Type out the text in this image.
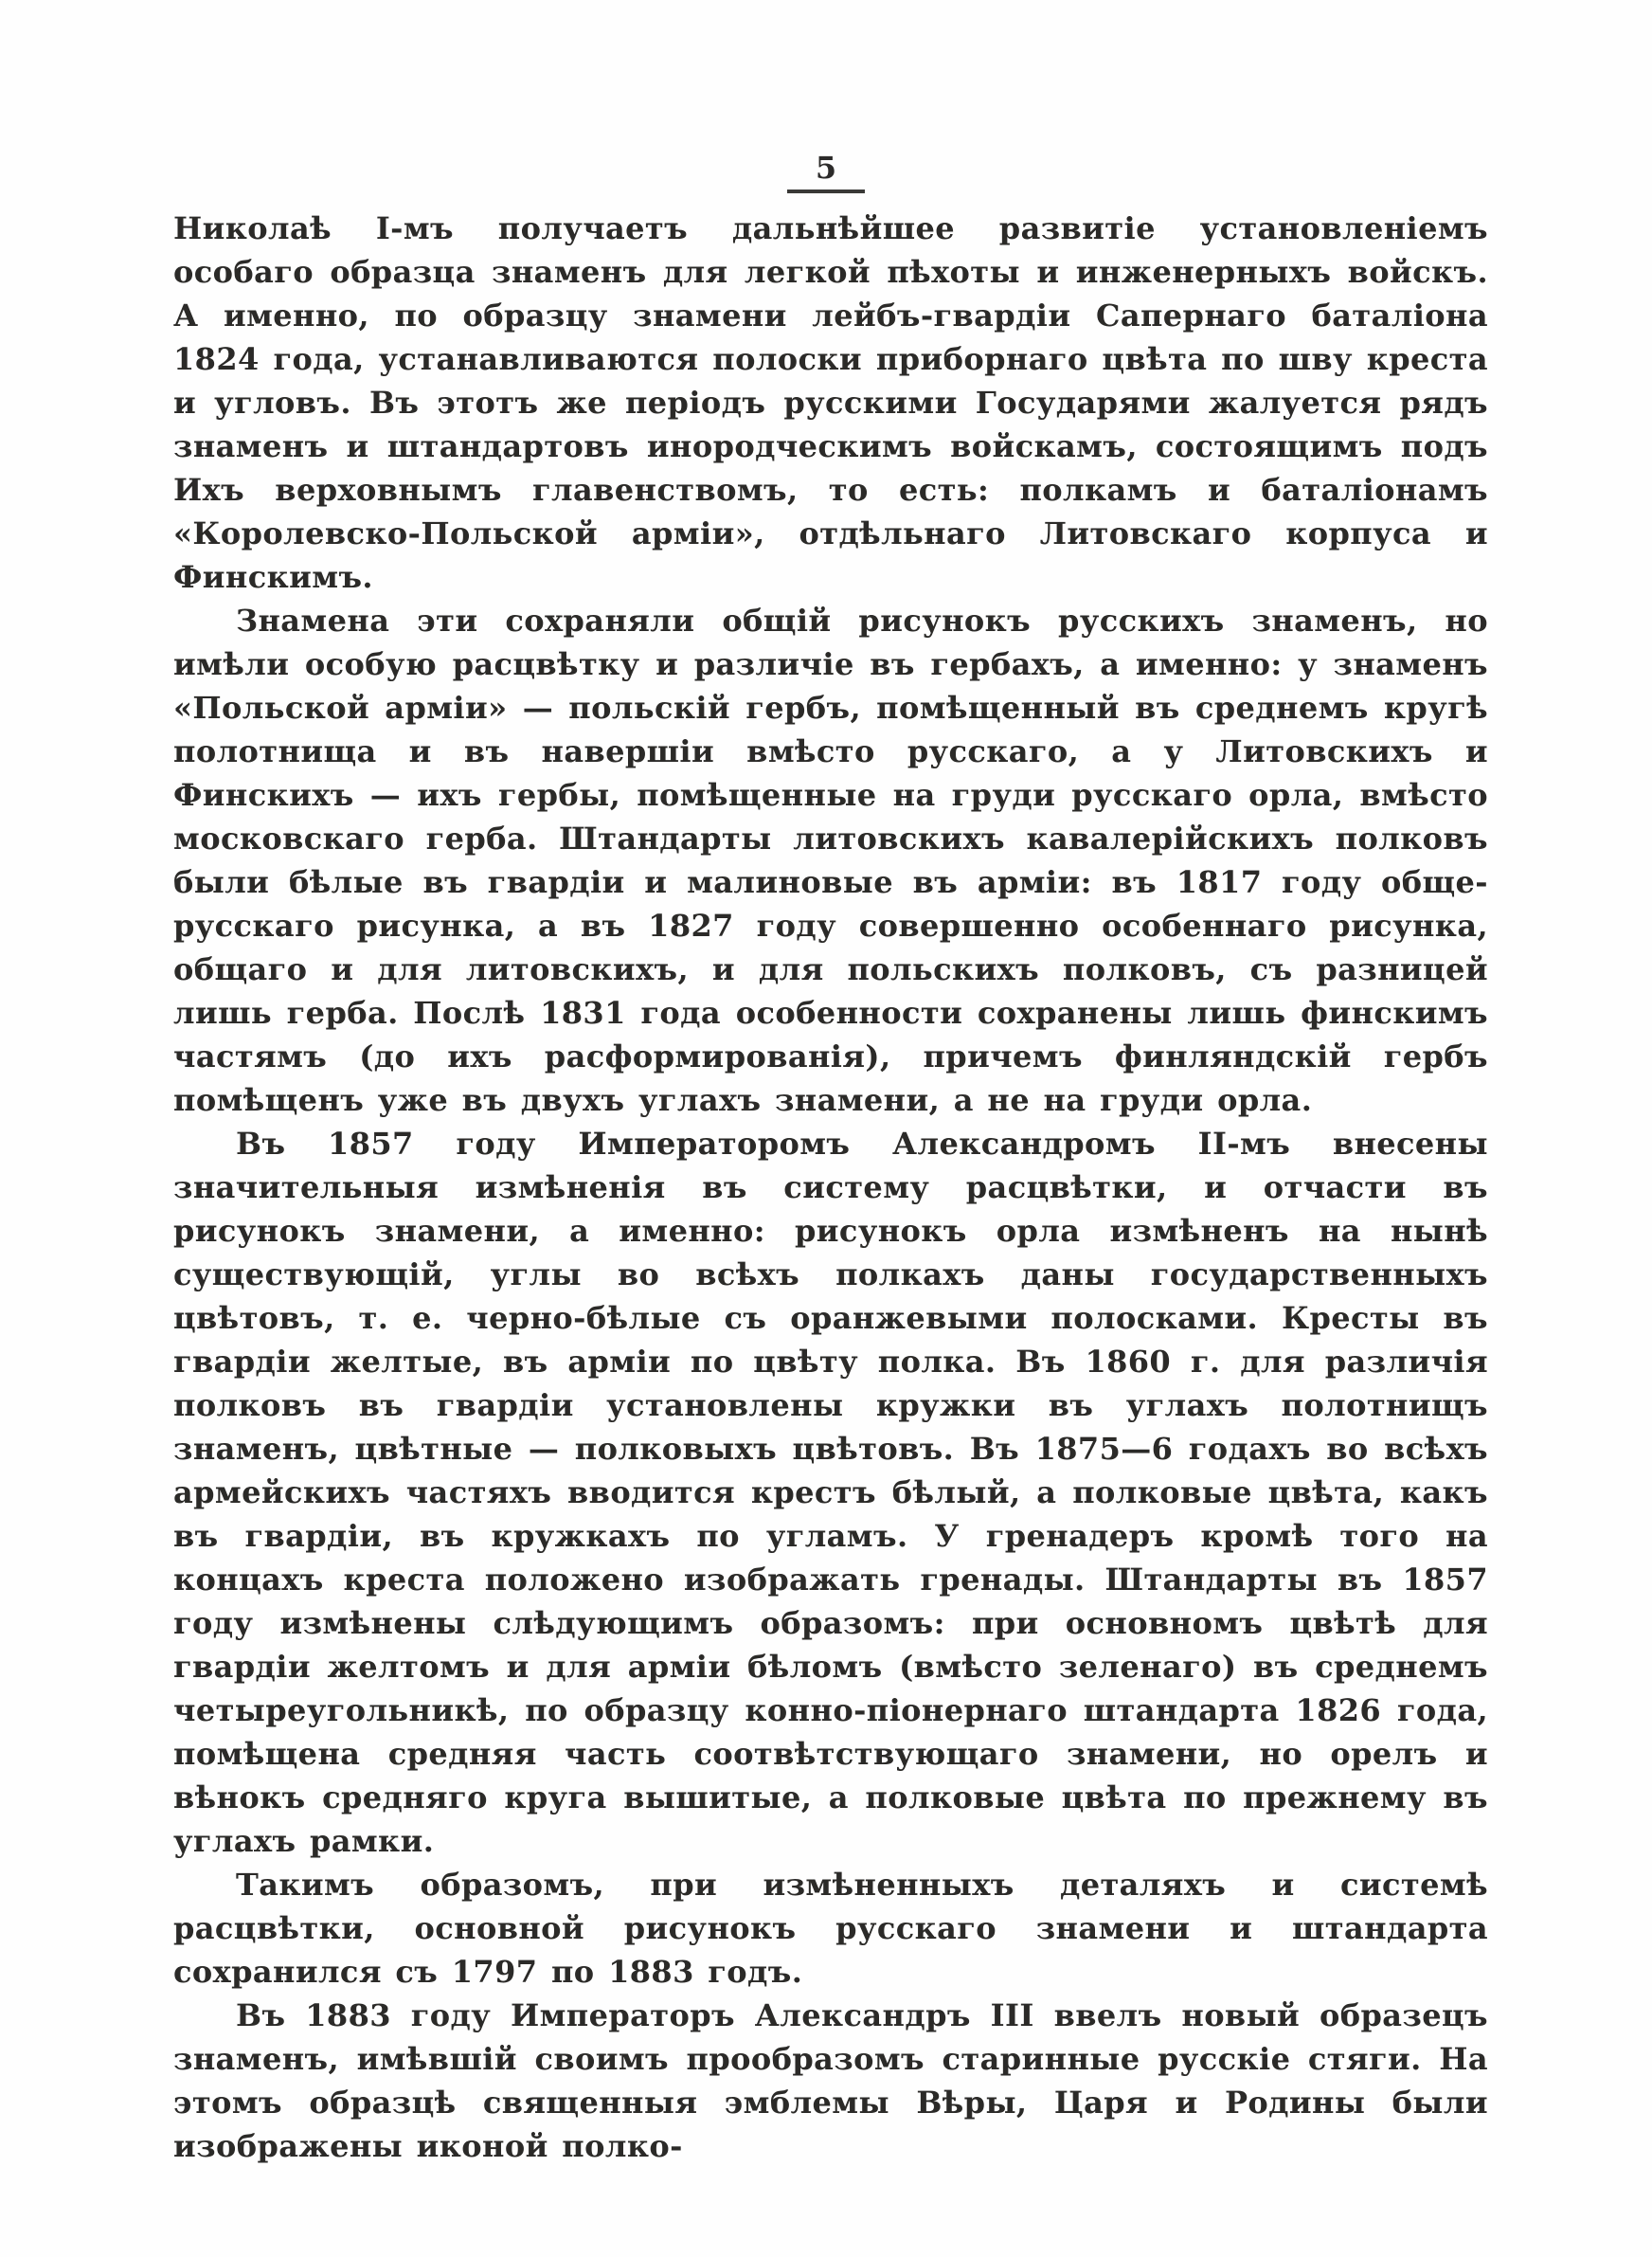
5

Николаѣ I-мъ получаетъ дальнѣйшее развитіе установленіемъ особаго образца знаменъ для легкой пѣхоты и инженерныхъ войскъ. А именно, по образцу знамени лейбъ-гвардіи Сапернаго баталіона 1824 года, устанавливаются полоски приборнаго цвѣта по шву креста и угловъ. Въ этотъ же періодъ русскими Государями жалуется рядъ знаменъ и штандартовъ инородческимъ войскамъ, состоящимъ подъ Ихъ верховнымъ главенствомъ, то есть: полкамъ и баталіонамъ «Королевско-Польской арміи», отдѣльнаго Литовскаго корпуса и Финскимъ.

Знамена эти сохраняли общій рисунокъ русскихъ знаменъ, но имѣли особую расцвѣтку и различіе въ гербахъ, а именно: у знаменъ «Польской арміи» — польскій гербъ, помѣщенный въ среднемъ кругѣ полотнища и въ навершіи вмѣсто русскаго, а у Литовскихъ и Финскихъ — ихъ гербы, помѣщенные на груди русскаго орла, вмѣсто московскаго герба. Штандарты литовскихъ кавалерійскихъ полковъ были бѣлые въ гвардіи и малиновые въ арміи: въ 1817 году обще-русскаго рисунка, а въ 1827 году совершенно особеннаго рисунка, общаго и для литовскихъ, и для польскихъ полковъ, съ разницей лишь герба. Послѣ 1831 года особенности сохранены лишь финскимъ частямъ (до ихъ расформированія), причемъ финляндскій гербъ помѣщенъ уже въ двухъ углахъ знамени, а не на груди орла.

Въ 1857 году Императоромъ Александромъ II-мъ внесены значительныя измѣненія въ систему расцвѣтки, и отчасти въ рисунокъ знамени, а именно: рисунокъ орла измѣненъ на нынѣ существующій, углы во всѣхъ полкахъ даны государственныхъ цвѣтовъ, т. е. черно-бѣлые съ оранжевыми полосками. Кресты въ гвардіи желтые, въ арміи по цвѣту полка. Въ 1860 г. для различія полковъ въ гвардіи установлены кружки въ углахъ полотнищъ знаменъ, цвѣтные — полковыхъ цвѣтовъ. Въ 1875—6 годахъ во всѣхъ армейскихъ частяхъ вводится крестъ бѣлый, а полковые цвѣта, какъ въ гвардіи, въ кружкахъ по угламъ. У гренадеръ кромѣ того на концахъ креста положено изображать гренады. Штандарты въ 1857 году измѣнены слѣдующимъ образомъ: при основномъ цвѣтѣ для гвардіи желтомъ и для арміи бѣломъ (вмѣсто зеленаго) въ среднемъ четыреугольникѣ, по образцу конно-піонернаго штандарта 1826 года, помѣщена средняя часть соотвѣтствующаго знамени, но орелъ и вѣнокъ средняго круга вышитые, а полковые цвѣта по прежнему въ углахъ рамки.

Такимъ образомъ, при измѣненныхъ деталяхъ и системѣ расцвѣтки, основной рисунокъ русскаго знамени и штандарта сохранился съ 1797 по 1883 годъ.

Въ 1883 году Императоръ Александръ III ввелъ новый образецъ знаменъ, имѣвшій своимъ прообразомъ старинные русскіе стяги. На этомъ образцѣ священныя эмблемы Вѣры, Царя и Родины были изображены иконой полко-
